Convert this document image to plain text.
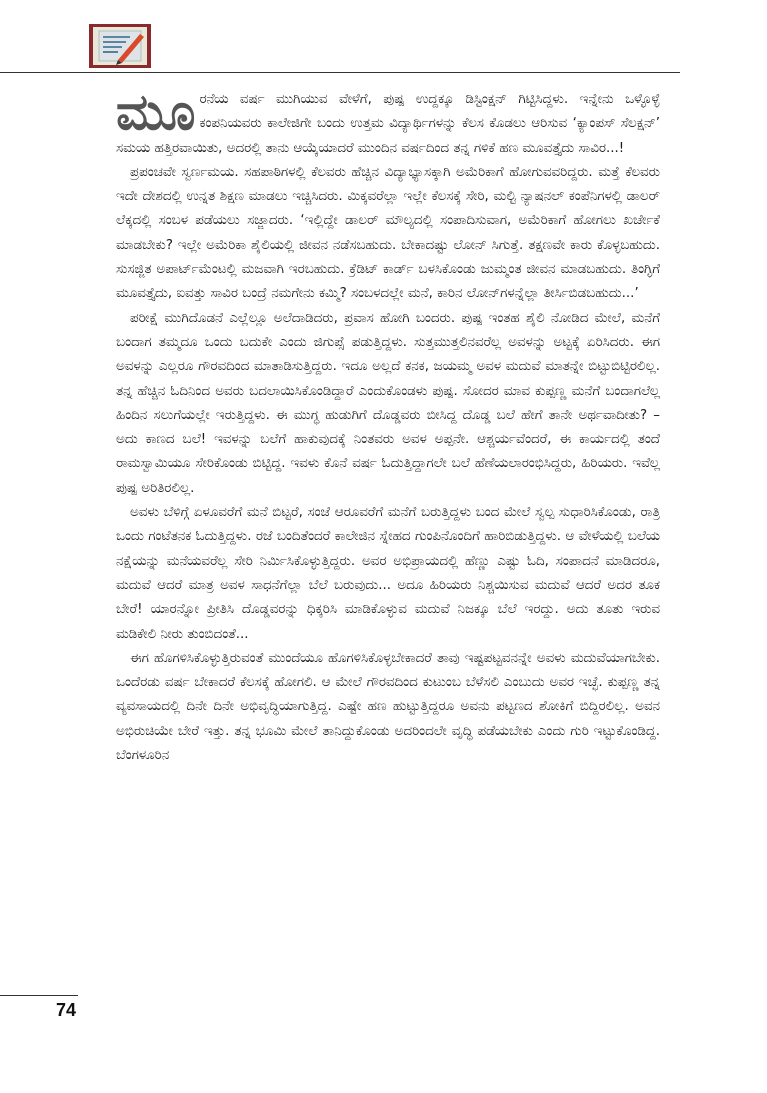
ಮೂರನೆಯ ವರ್ಷ ಮುಗಿಯುವ ವೇಳೆಗೆ, ಪುಷ್ಪ ಉದ್ದಕ್ಕೂ ಡಿಸ್ಟಿಂಕ್ಷನ್ ಗಿಟ್ಟಿಸಿದ್ದಳು. ಇನ್ನೇನು ಒಳ್ಳೊಳ್ಳೆ ಕಂಪನಿಯವರು ಕಾಲೇಜಿಗೇ ಬಂದು ಉತ್ತಮ ವಿದ್ಯಾರ್ಥಿಗಳನ್ನು ಕೆಲಸ ಕೊಡಲು ಆರಿಸುವ ‘ಕ್ಯಾಂಪಸ್ ಸೆಲಕ್ಷನ್’ ಸಮಯ ಹತ್ತಿರವಾಯಿತು, ಅದರಲ್ಲಿ ತಾನು ಆಯ್ಕೆಯಾದರೆ ಮುಂದಿನ ವರ್ಷದಿಂದ ತನ್ನ ಗಳಿಕೆ ಹಣ ಮೂವತ್ತೈದು ಸಾವಿರ...!

ಪ್ರಪಂಚವೇ ಸ್ವರ್ಣಮಯ. ಸಹಪಾಠಿಗಳಲ್ಲಿ ಕೆಲವರು ಹೆಚ್ಚಿನ ವಿದ್ಯಾಭ್ಯಾಸಕ್ಕಾಗಿ ಅಮೆರಿಕಾಗೆ ಹೋಗುವವರಿದ್ದರು. ಮತ್ತೆ ಕೆಲವರು ಇದೇ ದೇಶದಲ್ಲಿ ಉನ್ನತ ಶಿಕ್ಷಣ ಮಾಡಲು ಇಚ್ಚಿಸಿದರು. ಮಿಕ್ಕವರೆಲ್ಲಾ ಇಲ್ಲೇ ಕೆಲಸಕ್ಕೆ ಸೇರಿ, ಮಲ್ಟಿ ನ್ಯಾಷನಲ್ ಕಂಪೆನಿಗಳಲ್ಲಿ ಡಾಲರ್ ಲೆಕ್ಕದಲ್ಲಿ ಸಂಬಳ ಪಡೆಯಲು ಸಜ್ಜಾದರು. ‘ಇಲ್ಲಿದ್ದೇ ಡಾಲರ್ ಮೌಲ್ಯದಲ್ಲಿ ಸಂಪಾದಿಸುವಾಗ, ಅಮೆರಿಕಾಗೆ ಹೋಗಲು ಖರ್ಚೇಕೆ ಮಾಡಬೇಕು? ಇಲ್ಲೇ ಅಮೆರಿಕಾ ಶೈಲಿಯಲ್ಲಿ ಜೀವನ ನಡೆಸಬಹುದು. ಬೇಕಾದಷ್ಟು ಲೋನ್ ಸಿಗುತ್ತೆ. ತಕ್ಷಣವೇ ಕಾರು ಕೊಳ್ಳಬಹುದು. ಸುಸಜ್ಜಿತ ಅಪಾರ್ಟ್‌ಮೆಂಟಲ್ಲಿ ಮಜವಾಗಿ ಇರಬಹುದು. ಕ್ರೆಡಿಟ್ ಕಾರ್ಡ್ ಬಳಸಿಕೊಂಡು ಜುಮ್ಮಂತ ಜೀವನ ಮಾಡಬಹುದು. ತಿಂಗ್ಳಿಗೆ ಮೂವತ್ತೈದು, ಐವತ್ತು ಸಾವಿರ ಬಂದ್ರೆ ನಮಗೇನು ಕಮ್ಮಿ? ಸಂಬಳದಲ್ಲೇ ಮನೆ, ಕಾರಿನ ಲೋನ್‌ಗಳನ್ನೆಲ್ಲಾ ತೀರ್ಸಿಬಿಡಬಹುದು...’

ಪರೀಕ್ಷೆ ಮುಗಿದೊಡನೆ ಎಲ್ಲೆಲ್ಲೂ ಅಲೆದಾಡಿದರು, ಪ್ರವಾಸ ಹೋಗಿ ಬಂದರು. ಪುಷ್ಪ ಇಂತಹ ಶೈಲಿ ನೋಡಿದ ಮೇಲೆ, ಮನೆಗೆ ಬಂದಾಗ ತಮ್ಮದೂ ಒಂದು ಬದುಕೇ ಎಂದು ಜಿಗುಪ್ಸೆ ಪಡುತ್ತಿದ್ದಳು. ಸುತ್ತಮುತ್ತಲಿನವರೆಲ್ಲ ಅವಳನ್ನು ಅಟ್ಟಕ್ಕೆ ಏರಿಸಿದರು. ಈಗ ಅವಳನ್ನು ಎಲ್ಲರೂ ಗೌರವದಿಂದ ಮಾತಾಡಿಸುತ್ತಿದ್ದರು. ಇದೂ ಅಲ್ಲದೆ ಕನಕ, ಜಯಮ್ಮ ಅವಳ ಮದುವೆ ಮಾತನ್ನೇ ಬಿಟ್ಟುಬಿಟ್ಟಿರಲಿಲ್ಲ. ತನ್ನ ಹೆಚ್ಚಿನ ಓದಿನಿಂದ ಅವರು ಬದಲಾಯಿಸಿಕೊಂಡಿದ್ದಾರೆ ಎಂದುಕೊಂಡಳು ಪುಷ್ಪ. ಸೋದರ ಮಾವ ಕುಪ್ಪಣ್ಣ ಮನೆಗೆ ಬಂದಾಗಲೆಲ್ಲ ಹಿಂದಿನ ಸಲುಗೆಯಲ್ಲೇ ಇರುತ್ತಿದ್ದಳು. ಈ ಮುಗ್ಧ ಹುಡುಗಿಗೆ ದೊಡ್ಡವರು ಬೀಸಿದ್ದ ದೊಡ್ಡ ಬಲೆ ಹೇಗೆ ತಾನೇ ಅರ್ಥವಾದೀತು? – ಅದು ಕಾಣದ ಬಲೆ! ಇವಳನ್ನು ಬಲೆಗೆ ಹಾಕುವುದಕ್ಕೆ ನಿಂತವರು ಅವಳ ಅಪ್ಪನೇ. ಆಶ್ಚರ್ಯವೆಂದರೆ, ಈ ಕಾರ್ಯದಲ್ಲಿ ತಂದೆ ರಾಮಸ್ವಾಮಿಯೂ ಸೇರಿಕೊಂಡು ಬಿಟ್ಟಿದ್ದ. ಇವಳು ಕೊನೆ ವರ್ಷ ಓದುತ್ತಿದ್ದಾಗಲೇ ಬಲೆ ಹೆಣೆಯಲಾರಂಭಿಸಿದ್ದರು, ಹಿರಿಯರು. ಇವೆಲ್ಲ ಪುಷ್ಪ ಅರಿತಿರಲಿಲ್ಲ.

ಅವಳು ಬೆಳಿಗ್ಗೆ ಏಳೂವರೆಗೆ ಮನೆ ಬಿಟ್ಟರೆ, ಸಂಜೆ ಆರೂವರೆಗೆ ಮನೆಗೆ ಬರುತ್ತಿದ್ದಳು ಬಂದ ಮೇಲೆ ಸ್ವಲ್ಪ ಸುಧಾರಿಸಿಕೊಂಡು, ರಾತ್ರಿ ಒಂದು ಗಂಟೆತನಕ ಓದುತ್ತಿದ್ದಳು. ರಜೆ ಬಂದಿತೆಂದರೆ ಕಾಲೇಜಿನ ಸ್ನೇಹದ ಗುಂಪಿನೊಂದಿಗೆ ಹಾರಿಬಿಡುತ್ತಿದ್ದಳು. ಆ ವೇಳೆಯಲ್ಲಿ ಬಲೆಯ ನಕ್ಷೆಯನ್ನು ಮನೆಯವರೆಲ್ಲ ಸೇರಿ ನಿರ್ಮಿಸಿಕೊಳ್ಳುತ್ತಿದ್ದರು. ಅವರ ಅಭಿಪ್ರಾಯದಲ್ಲಿ ಹೆಣ್ಣು ಎಷ್ಟು ಓದಿ, ಸಂಪಾದನೆ ಮಾಡಿದರೂ, ಮದುವೆ ಆದರೆ ಮಾತ್ರ ಅವಳ ಸಾಧನೆಗೆಲ್ಲಾ ಬೆಲೆ ಬರುವುದು... ಅದೂ ಹಿರಿಯರು ನಿಶ್ಚಯಿಸುವ ಮದುವೆ ಆದರೆ ಅದರ ತೂಕ ಬೇರೆ! ಯಾರನ್ನೋ ಪ್ರೀತಿಸಿ ದೊಡ್ಡವರನ್ನು ಧಿಕ್ಕರಿಸಿ ಮಾಡಿಕೊಳ್ಳುವ ಮದುವೆ ನಿಜಕ್ಕೂ ಬೆಲೆ ಇರದ್ದು. ಅದು ತೂತು ಇರುವ ಮಡಿಕೇಲಿ ನೀರು ತುಂಬಿದಂತೆ...

ಈಗ ಹೊಗಳಿಸಿಕೊಳ್ಳುತ್ತಿರುವಂತೆ ಮುಂದೆಯೂ ಹೊಗಳಿಸಿಕೊಳ್ಳಬೇಕಾದರೆ ತಾವು ಇಷ್ಟಪಟ್ಟವನನ್ನೇ ಅವಳು ಮದುವೆಯಾಗಬೇಕು. ಒಂದೆರಡು ವರ್ಷ ಬೇಕಾದರೆ ಕೆಲಸಕ್ಕೆ ಹೋಗಲಿ. ಆ ಮೇಲೆ ಗೌರವದಿಂದ ಕುಟುಂಬ ಬೆಳೆಸಲಿ ಎಂಬುದು ಅವರ ಇಚ್ಛೆ. ಕುಪ್ಪಣ್ಣ ತನ್ನ ವ್ಯವಸಾಯದಲ್ಲಿ ದಿನೇ ದಿನೇ ಅಭಿವೃದ್ಧಿಯಾಗುತ್ತಿದ್ದ. ಎಷ್ಟೇ ಹಣ ಹುಟ್ಟುತ್ತಿದ್ದರೂ ಅವನು ಪಟ್ಟಣದ ಶೋಕಿಗೆ ಬಿದ್ದಿರಲಿಲ್ಲ. ಅವನ ಅಭಿರುಚಿಯೇ ಬೇರೆ ಇತ್ತು. ತನ್ನ ಭೂಮಿ ಮೇಲೆ ತಾನಿದ್ದುಕೊಂಡು ಅದರಿಂದಲೇ ವೃದ್ಧಿ ಪಡೆಯಬೇಕು ಎಂದು ಗುರಿ ಇಟ್ಟುಕೊಂಡಿದ್ದ. ಬೆಂಗಳೂರಿನ

74
